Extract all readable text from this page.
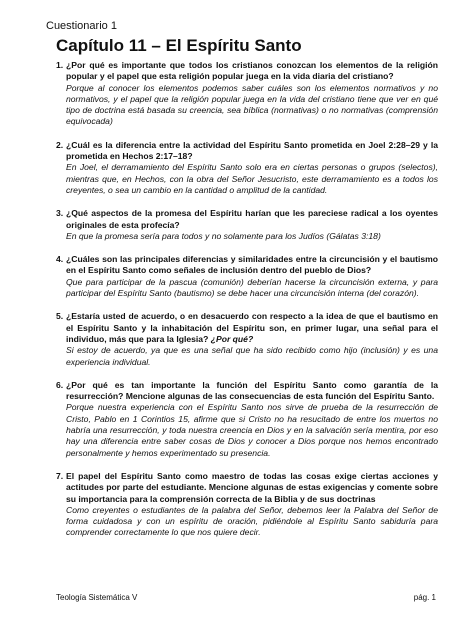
Cuestionario 1
Capítulo 11 – El Espíritu Santo
1. ¿Por qué es importante que todos los cristianos conozcan los elementos de la religión popular y el papel que esta religión popular juega en la vida diaria del cristiano?
Porque al conocer los elementos podemos saber cuáles son los elementos normativos y no normativos, y el papel que la religión popular juega en la vida del cristiano tiene que ver en qué tipo de doctrina está basada su creencia, sea bíblica (normativas) o no normativas (comprensión equivocada)
2. ¿Cuál es la diferencia entre la actividad del Espíritu Santo prometida en Joel 2:28–29 y la prometida en Hechos 2:17–18?
En Joel, el derramamiento del Espíritu Santo solo era en ciertas personas o grupos (selectos), mientras que, en Hechos, con la obra del Señor Jesucristo, este derramamiento es a todos los creyentes, o sea un cambio en la cantidad o amplitud de la cantidad.
3. ¿Qué aspectos de la promesa del Espíritu harían que les pareciese radical a los oyentes originales de esta profecía?
En que la promesa sería para todos y no solamente para los Judíos (Gálatas 3:18)
4. ¿Cuáles son las principales diferencias y similaridades entre la circuncisión y el bautismo en el Espíritu Santo como señales de inclusión dentro del pueblo de Dios?
Que para participar de la pascua (comunión) deberían hacerse la circuncisión externa, y para participar del Espíritu Santo (bautismo) se debe hacer una circuncisión interna (del corazón).
5. ¿Estaría usted de acuerdo, o en desacuerdo con respecto a la idea de que el bautismo en el Espíritu Santo y la inhabitación del Espíritu son, en primer lugar, una señal para el individuo, más que para la Iglesia? ¿Por qué?
Si estoy de acuerdo, ya que es una señal que ha sido recibido como hijo (inclusión) y es una experiencia individual.
6. ¿Por qué es tan importante la función del Espíritu Santo como garantía de la resurrección? Mencione algunas de las consecuencias de esta función del Espíritu Santo.
Porque nuestra experiencia con el Espíritu Santo nos sirve de prueba de la resurrección de Cristo, Pablo en 1 Corintios 15, afirme que si Cristo no ha resucitado de entre los muertos no habría una resurrección, y toda nuestra creencia en Dios y en la salvación sería mentira, por eso hay una diferencia entre saber cosas de Dios y conocer a Dios porque nos hemos encontrado personalmente y hemos experimentado su presencia.
7. El papel del Espíritu Santo como maestro de todas las cosas exige ciertas acciones y actitudes por parte del estudiante. Mencione algunas de estas exigencias y comente sobre su importancia para la comprensión correcta de la Biblia y de sus doctrinas
Como creyentes o estudiantes de la palabra del Señor, debemos leer la Palabra del Señor de forma cuidadosa y con un espíritu de oración, pidiéndole al Espíritu Santo sabiduría para comprender correctamente lo que nos quiere decir.
Teología Sistemática V	pág. 1
